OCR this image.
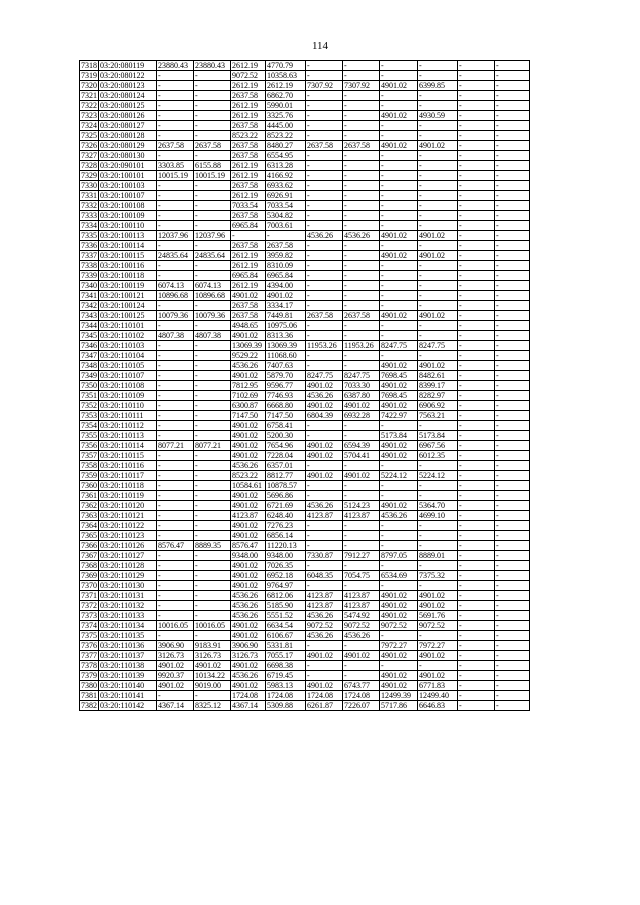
114
7318	03:20:080119	23880.43	23880.43	2612.19	4770.79	-	-	-	-	-	-
7319	03:20:080122	-	-	9072.52	10358.63	-	-	-	-	-	-
7320	03:20:080123	-	-	2612.19	2612.19	7307.92	7307.92	4901.02	6399.85	-	-
7321	03:20:080124	-	-	2637.58	6862.70	-	-	-	-	-	-
7322	03:20:080125	-	-	2612.19	5990.01	-	-	-	-	-	-
7323	03:20:080126	-	-	2612.19	3325.76	-	-	4901.02	4930.59	-	-
7324	03:20:080127	-	-	2637.58	4445.00	-	-	-	-	-	-
7325	03:20:080128	-	-	8523.22	8523.22	-	-	-	-	-	-
7326	03:20:080129	2637.58	2637.58	2637.58	8480.27	2637.58	2637.58	4901.02	4901.02	-	-
7327	03:20:080130	-	-	2637.58	6554.95	-	-	-	-	-	-
7328	03:20:090101	3303.85	6155.88	2612.19	6313.28	-	-	-	-	-	-
7329	03:20:100101	10015.19	10015.19	2612.19	4166.92	-	-	-	-	-	-
7330	03:20:100103	-	-	2637.58	6933.62	-	-	-	-	-	-
7331	03:20:100107	-	-	2612.19	6926.91	-	-	-	-	-	-
7332	03:20:100108	-	-	7033.54	7033.54	-	-	-	-	-	-
7333	03:20:100109	-	-	2637.58	5304.82	-	-	-	-	-	-
7334	03:20:100110	-	-	6965.84	7003.61	-	-	-	-	-	-
7335	03:20:100113	12037.96	12037.96	-	-	4536.26	4536.26	4901.02	4901.02	-	-
7336	03:20:100114	-	-	2637.58	2637.58	-	-	-	-	-	-
7337	03:20:100115	24835.64	24835.64	2612.19	3959.82	-	-	4901.02	4901.02	-	-
7338	03:20:100116	-	-	2612.19	8310.09	-	-	-	-	-	-
7339	03:20:100118	-	-	6965.84	6965.84	-	-	-	-	-	-
7340	03:20:100119	6074.13	6074.13	2612.19	4394.00	-	-	-	-	-	-
7341	03:20:100121	10896.68	10896.68	4901.02	4901.02	-	-	-	-	-	-
7342	03:20:100124	-	-	2637.58	3334.17	-	-	-	-	-	-
7343	03:20:100125	10079.36	10079.36	2637.58	7449.81	2637.58	2637.58	4901.02	4901.02	-	-
7344	03:20:110101	-	-	4948.65	10975.06	-	-	-	-	-	-
7345	03:20:110102	4807.38	4807.38	4901.02	8313.36	-	-	-	-	-	-
7346	03:20:110103	-	-	13069.39	13069.39	11953.26	11953.26	8247.75	8247.75	-	-
7347	03:20:110104	-	-	9529.22	11068.60	-	-	-	-	-	-
7348	03:20:110105	-	-	4536.26	7407.63	-	-	4901.02	4901.02	-	-
7349	03:20:110107	-	-	4901.02	5879.70	8247.75	8247.75	7698.45	8482.61	-	-
7350	03:20:110108	-	-	7812.95	9596.77	4901.02	7033.30	4901.02	8399.17	-	-
7351	03:20:110109	-	-	7102.69	7746.93	4536.26	6387.80	7698.45	8282.97	-	-
7352	03:20:110110	-	-	6300.87	6668.80	4901.02	4901.02	4901.02	6906.92	-	-
7353	03:20:110111	-	-	7147.50	7147.50	6804.39	6932.28	7422.97	7563.21	-	-
7354	03:20:110112	-	-	4901.02	6758.41	-	-	-	-	-	-
7355	03:20:110113	-	-	4901.02	5200.30	-	-	5173.84	5173.84	-	-
7356	03:20:110114	8077.21	8077.21	4901.02	7654.96	4901.02	6594.39	4901.02	6967.56	-	-
7357	03:20:110115	-	-	4901.02	7228.04	4901.02	5704.41	4901.02	6012.35	-	-
7358	03:20:110116	-	-	4536.26	6357.01	-	-	-	-	-	-
7359	03:20:110117	-	-	8523.22	8812.77	4901.02	4901.02	5224.12	5224.12	-	-
7360	03:20:110118	-	-	10584.61	10878.57	-	-	-	-	-	-
7361	03:20:110119	-	-	4901.02	5696.86	-	-	-	-	-	-
7362	03:20:110120	-	-	4901.02	6721.69	4536.26	5124.23	4901.02	5364.70	-	-
7363	03:20:110121	-	-	4123.87	6248.40	4123.87	4123.87	4536.26	4699.10	-	-
7364	03:20:110122	-	-	4901.02	7276.23	-	-	-	-	-	-
7365	03:20:110123	-	-	4901.02	6856.14	-	-	-	-	-	-
7366	03:20:110126	8576.47	8889.35	8576.47	11220.13	-	-	-	-	-	-
7367	03:20:110127	-	-	9348.00	9348.00	7330.87	7912.27	8797.05	8889.01	-	-
7368	03:20:110128	-	-	4901.02	7026.35	-	-	-	-	-	-
7369	03:20:110129	-	-	4901.02	6952.18	6048.35	7054.75	6534.69	7375.32	-	-
7370	03:20:110130	-	-	4901.02	9764.97	-	-	-	-	-	-
7371	03:20:110131	-	-	4536.26	6812.06	4123.87	4123.87	4901.02	4901.02	-	-
7372	03:20:110132	-	-	4536.26	5185.90	4123.87	4123.87	4901.02	4901.02	-	-
7373	03:20:110133	-	-	4536.26	5551.52	4536.26	5474.92	4901.02	5691.76	-	-
7374	03:20:110134	10016.05	10016.05	4901.02	6634.54	9072.52	9072.52	9072.52	9072.52	-	-
7375	03:20:110135	-	-	4901.02	6106.67	4536.26	4536.26	-	-	-	-
7376	03:20:110136	3906.90	9183.91	3906.90	5331.81	-	-	7972.27	7972.27	-	-
7377	03:20:110137	3126.73	3126.73	3126.73	7055.17	4901.02	4901.02	4901.02	4901.02	-	-
7378	03:20:110138	4901.02	4901.02	4901.02	6698.38	-	-	-	-	-	-
7379	03:20:110139	9920.37	10134.22	4536.26	6719.45	-	-	4901.02	4901.02	-	-
7380	03:20:110140	4901.02	9019.00	4901.02	5983.13	4901.02	6743.77	4901.02	6771.83	-	-
7381	03:20:110141	-	-	1724.08	1724.08	1724.08	1724.08	12499.39	12499.40	-	-
7382	03:20:110142	4367.14	8325.12	4367.14	5309.88	6261.87	7226.07	5717.86	6646.83	-	-
